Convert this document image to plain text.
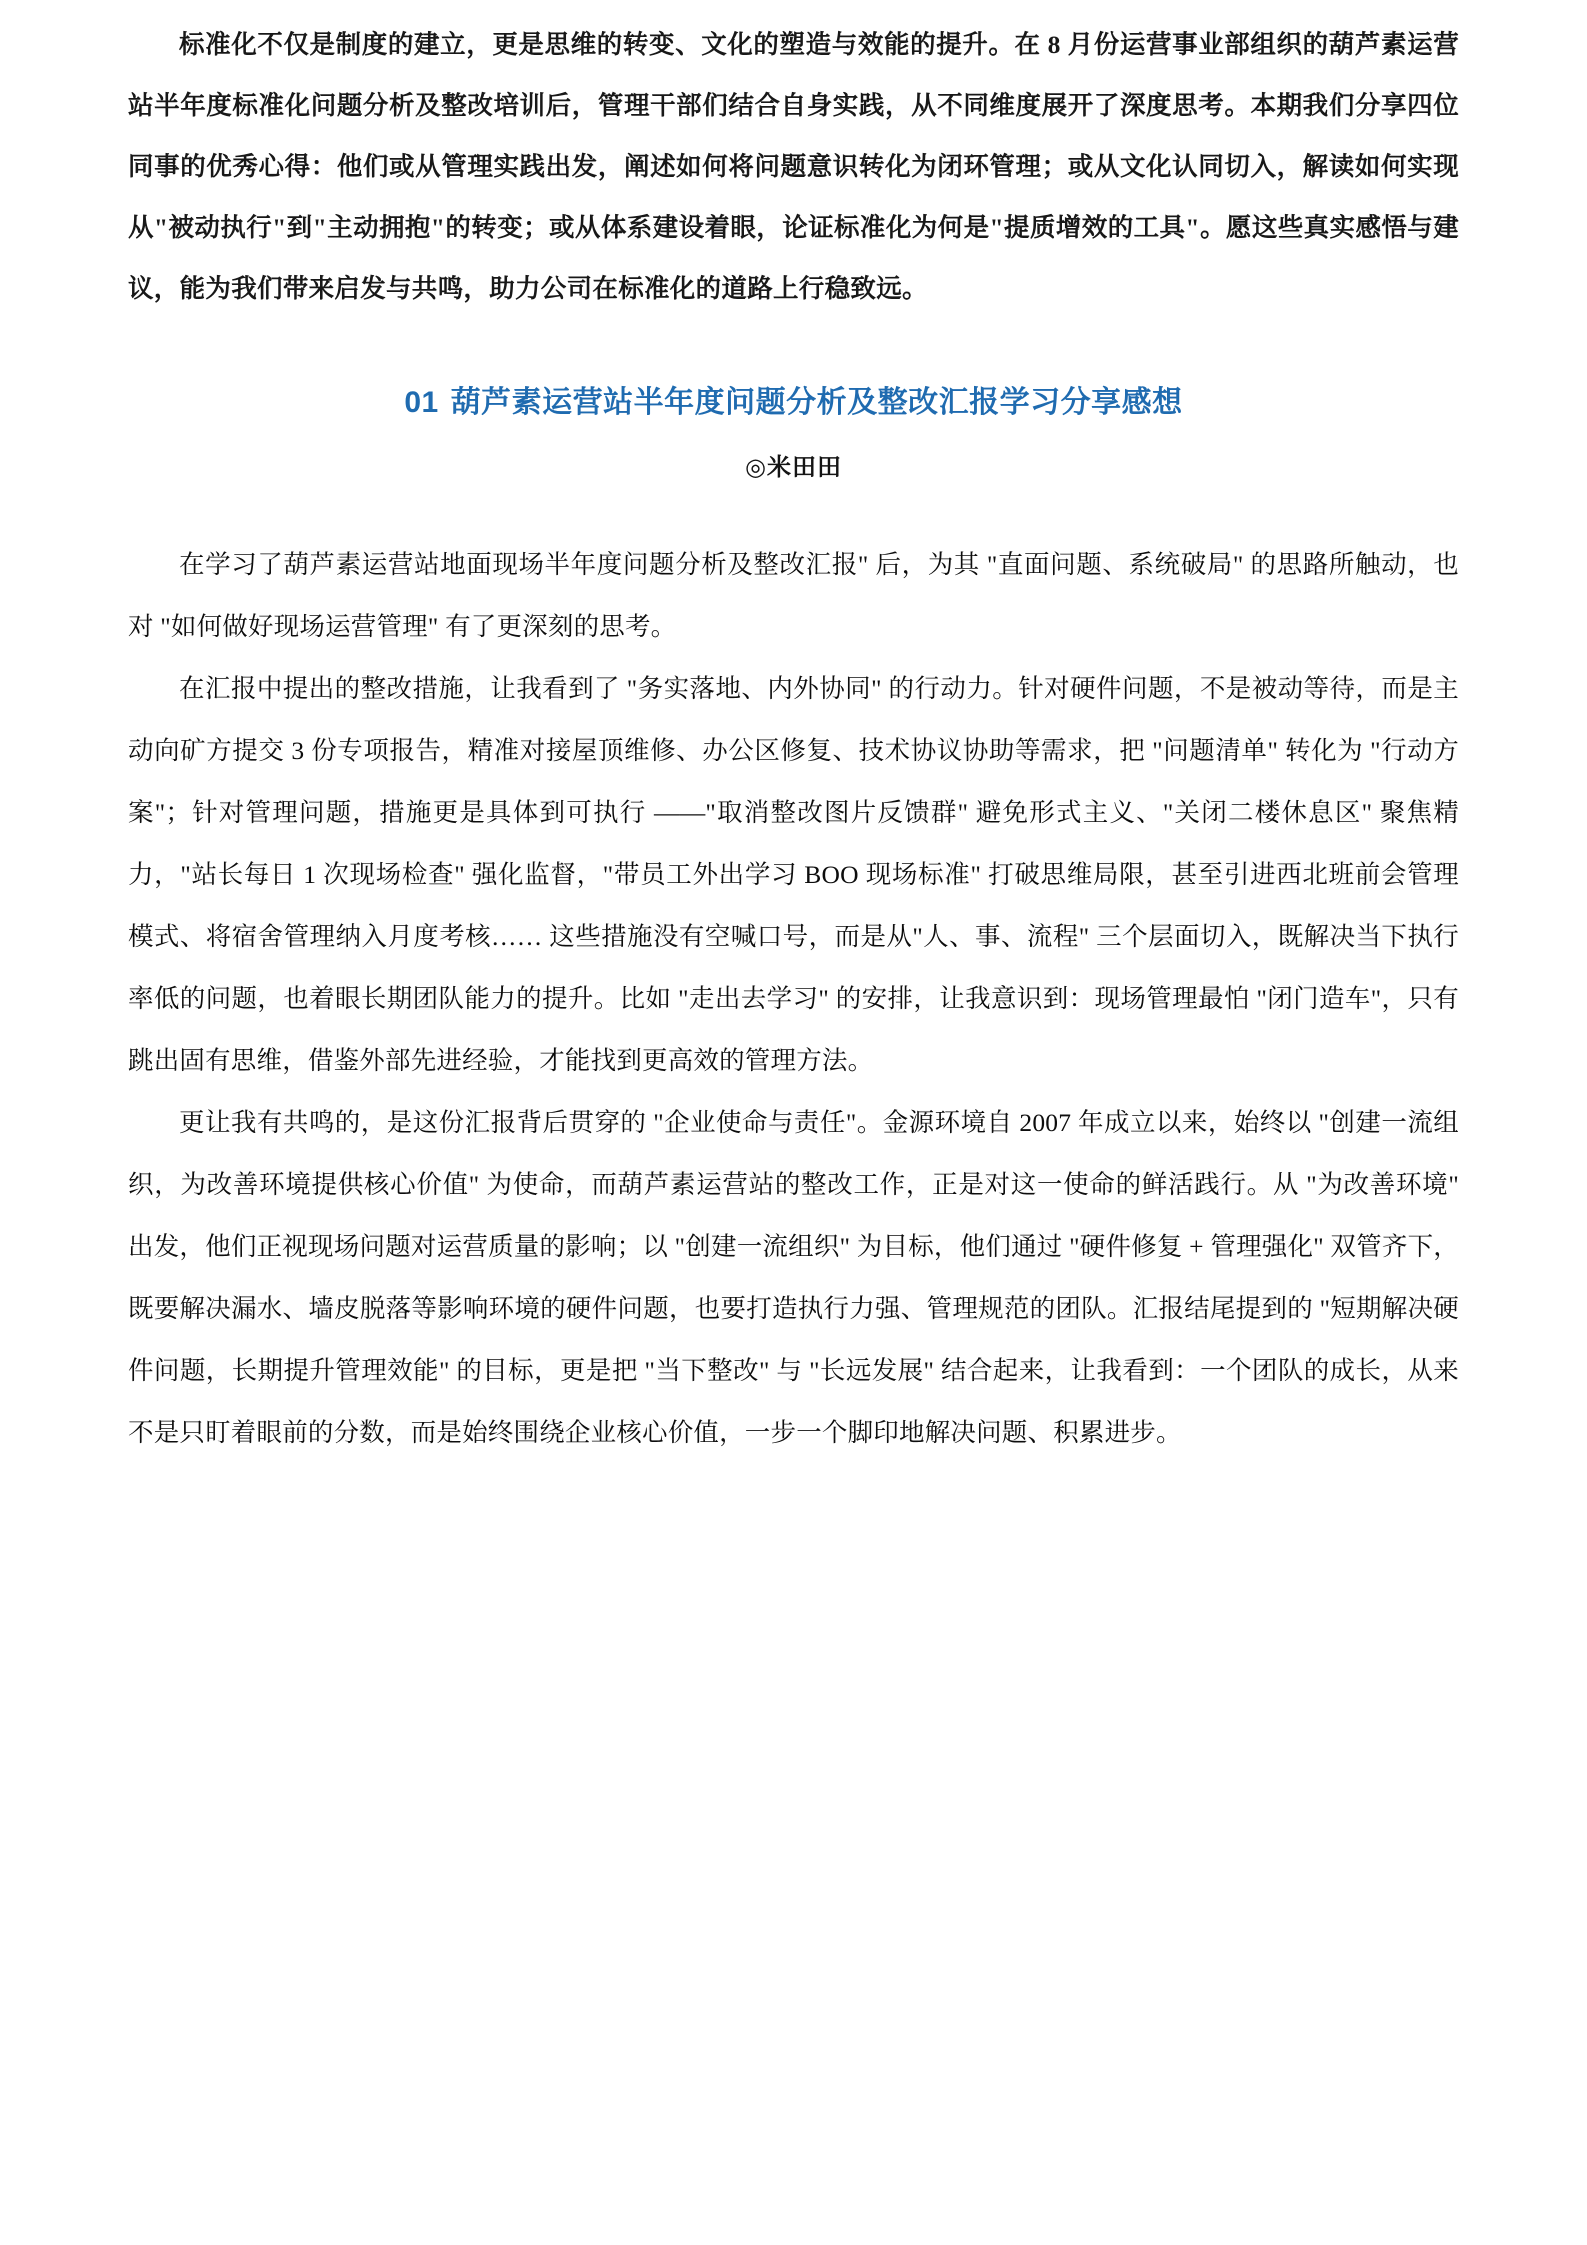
标准化不仅是制度的建立，更是思维的转变、文化的塑造与效能的提升。在 8 月份运营事业部组织的葫芦素运营站半年度标准化问题分析及整改培训后，管理干部们结合自身实践，从不同维度展开了深度思考。本期我们分享四位同事的优秀心得：他们或从管理实践出发，阐述如何将问题意识转化为闭环管理；或从文化认同切入，解读如何实现从"被动执行"到"主动拥抱"的转变；或从体系建设着眼，论证标准化为何是"提质增效的工具"。愿这些真实感悟与建议，能为我们带来启发与共鸣，助力公司在标准化的道路上行稳致远。

01 葫芦素运营站半年度问题分析及整改汇报学习分享感想
◎米田田

在学习了葫芦素运营站地面现场半年度问题分析及整改汇报" 后，为其 "直面问题、系统破局" 的思路所触动，也对 "如何做好现场运营管理" 有了更深刻的思考。

在汇报中提出的整改措施，让我看到了 "务实落地、内外协同" 的行动力。针对硬件问题，不是被动等待，而是主动向矿方提交 3 份专项报告，精准对接屋顶维修、办公区修复、技术协议协助等需求，把 "问题清单" 转化为 "行动方案"；针对管理问题，措施更是具体到可执行 ——"取消整改图片反馈群" 避免形式主义、"关闭二楼休息区" 聚焦精力，"站长每日 1 次现场检查" 强化监督，"带员工外出学习 BOO 现场标准" 打破思维局限，甚至引进西北班前会管理模式、将宿舍管理纳入月度考核…… 这些措施没有空喊口号，而是从"人、事、流程" 三个层面切入，既解决当下执行率低的问题，也着眼长期团队能力的提升。比如 "走出去学习" 的安排，让我意识到：现场管理最怕 "闭门造车"，只有跳出固有思维，借鉴外部先进经验，才能找到更高效的管理方法。

更让我有共鸣的，是这份汇报背后贯穿的 "企业使命与责任"。金源环境自 2007 年成立以来，始终以 "创建一流组织，为改善环境提供核心价值" 为使命，而葫芦素运营站的整改工作，正是对这一使命的鲜活践行。从 "为改善环境" 出发，他们正视现场问题对运营质量的影响；以 "创建一流组织" 为目标，他们通过 "硬件修复 + 管理强化" 双管齐下，既要解决漏水、墙皮脱落等影响环境的硬件问题，也要打造执行力强、管理规范的团队。汇报结尾提到的 "短期解决硬件问题，长期提升管理效能" 的目标，更是把 "当下整改" 与 "长远发展" 结合起来，让我看到：一个团队的成长，从来不是只盯着眼前的分数，而是始终围绕企业核心价值，一步一个脚印地解决问题、积累进步。
